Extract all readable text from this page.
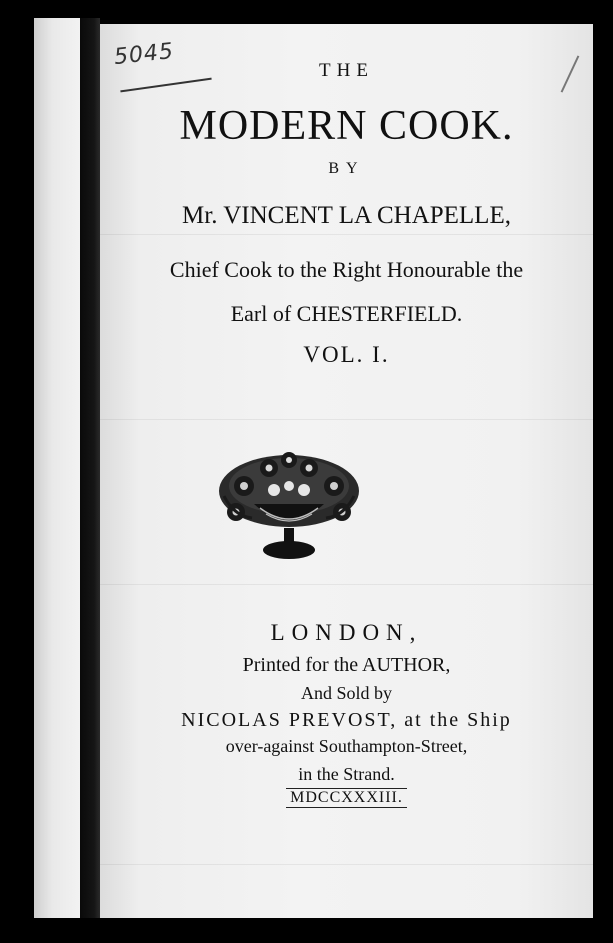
5045
THE
MODERN COOK.
BY
Mr. VINCENT LA CHAPELLE,
Chief Cook to the Right Honourable the
Earl of CHESTERFIELD.
VOL. I.
LONDON,
Printed for the AUTHOR,
And Sold by
NICOLAS PREVOST, at the Ship
over-against Southampton-Street,
in the Strand.
MDCCXXXIII.
